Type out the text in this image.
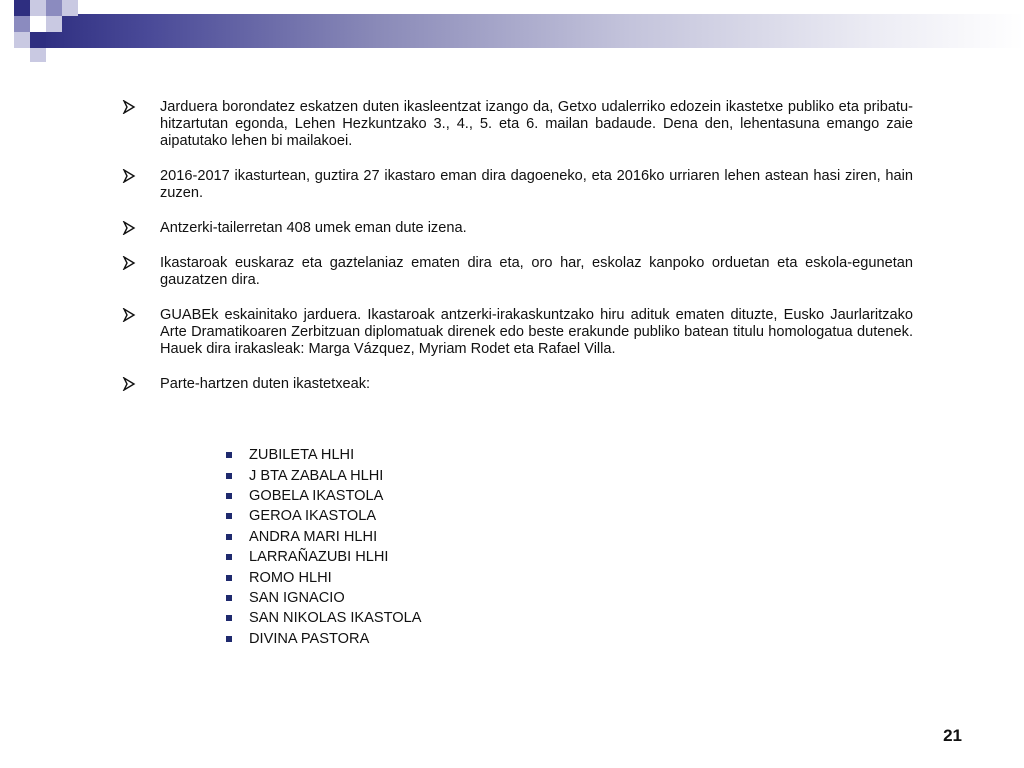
Jarduera borondatez eskatzen duten ikasleentzat izango da, Getxo udalerriko edozein ikastetxe publiko eta pribatu-hitzartutan egonda, Lehen Hezkuntzako 3., 4., 5. eta 6. mailan badaude. Dena den, lehentasuna emango zaie aipatutako lehen bi mailakoei.
2016-2017 ikasturtean, guztira 27 ikastaro eman dira dagoeneko, eta 2016ko urriaren lehen astean hasi ziren, hain zuzen.
Antzerki-tailerretan 408 umek eman dute izena.
Ikastaroak euskaraz eta gaztelaniaz ematen dira eta, oro har, eskolaz kanpoko orduetan eta eskola-egunetan gauzatzen dira.
GUABEk eskainitako jarduera. Ikastaroak antzerki-irakaskuntzako hiru adituk ematen dituzte, Eusko Jaurlaritzako Arte Dramatikoaren Zerbitzuan diplomatuak direnek edo beste erakunde publiko batean titulu homologatua dutenek. Hauek dira irakasleak: Marga Vázquez, Myriam Rodet eta Rafael Villa.
Parte-hartzen duten ikastetxeak:
ZUBILETA HLHI
J BTA ZABALA HLHI
GOBELA IKASTOLA
GEROA IKASTOLA
ANDRA MARI HLHI
LARRAÑAZUBI HLHI
ROMO HLHI
SAN IGNACIO
SAN NIKOLAS IKASTOLA
DIVINA PASTORA
21
